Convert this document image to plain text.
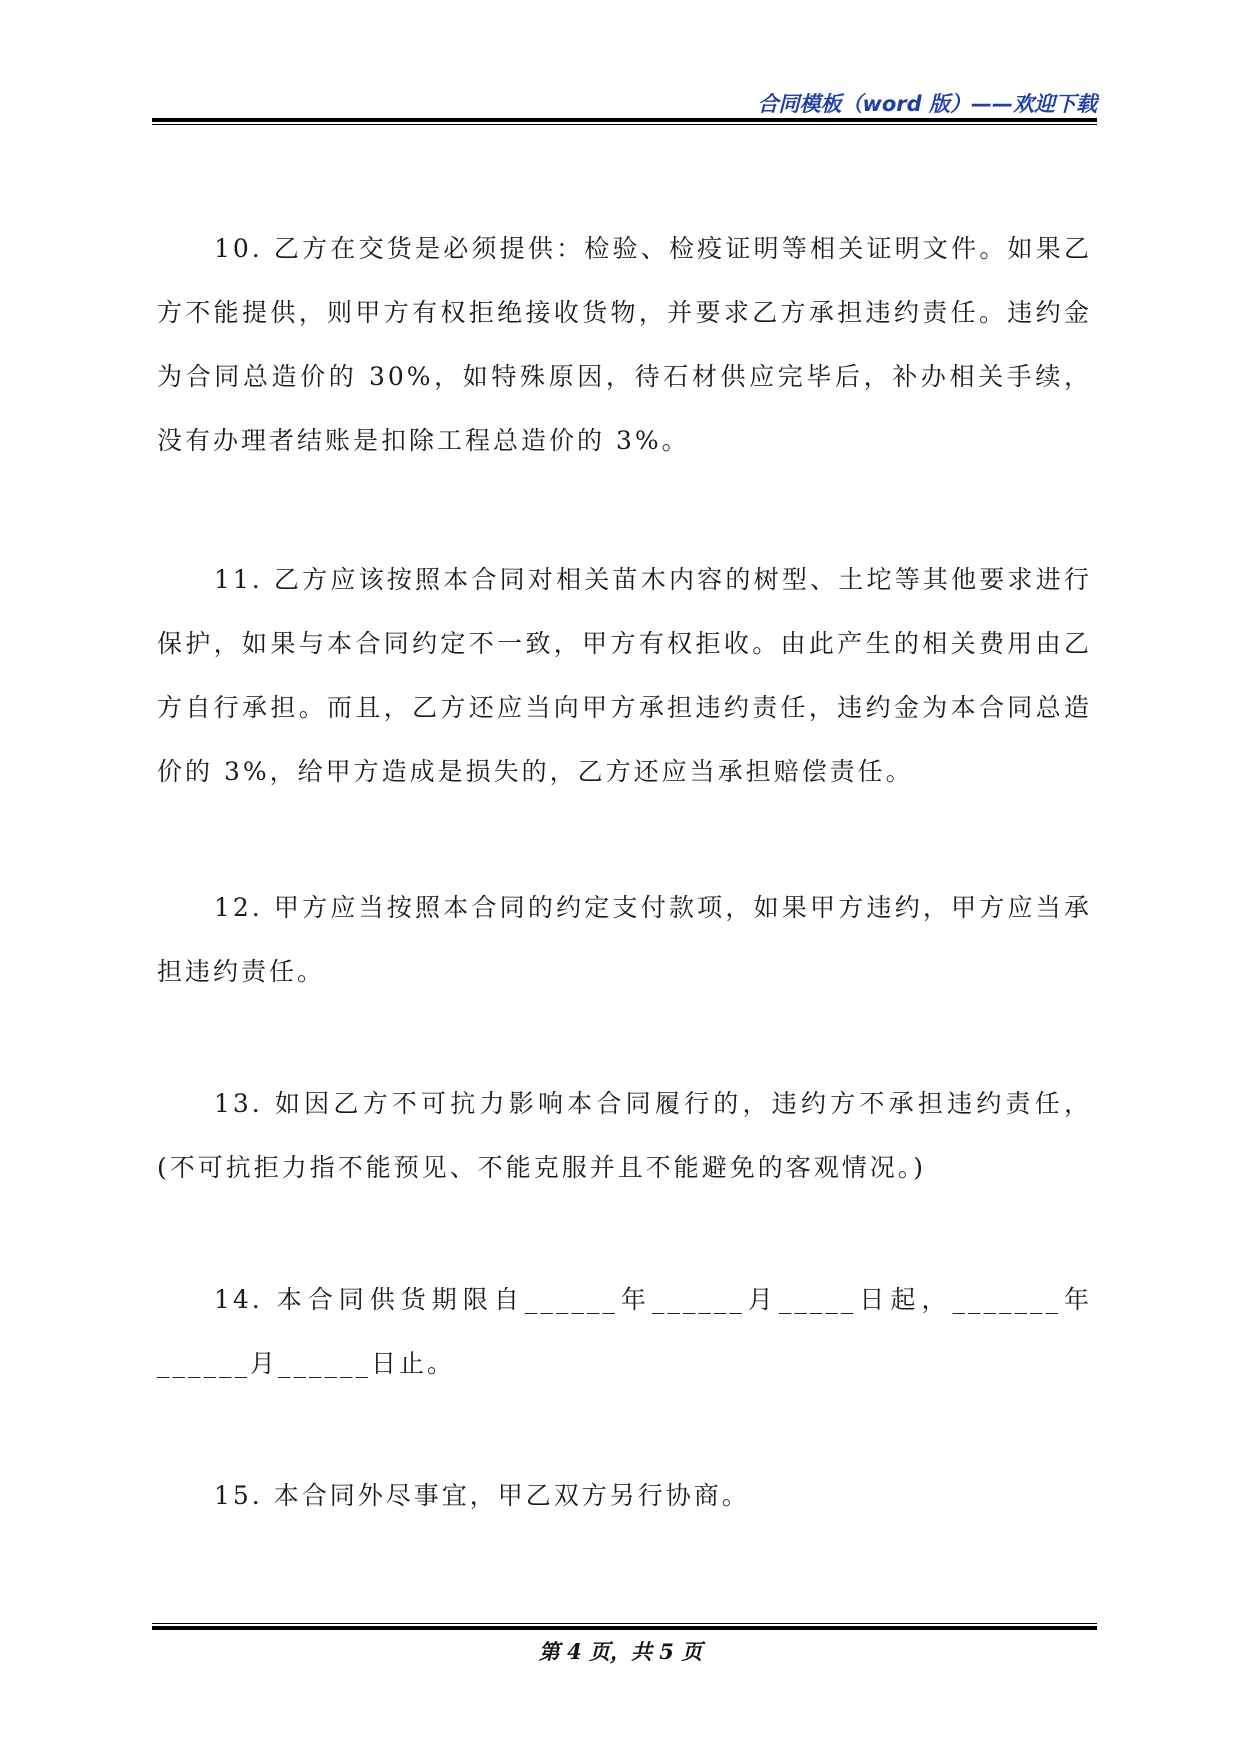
合同模板（word 版）——欢迎下载

10. 乙方在交货是必须提供：检验、检疫证明等相关证明文件。如果乙方不能提供，则甲方有权拒绝接收货物，并要求乙方承担违约责任。违约金为合同总造价的 30%，如特殊原因，待石材供应完毕后，补办相关手续，没有办理者结账是扣除工程总造价的 3%。

11. 乙方应该按照本合同对相关苗木内容的树型、土坨等其他要求进行保护，如果与本合同约定不一致，甲方有权拒收。由此产生的相关费用由乙方自行承担。而且，乙方还应当向甲方承担违约责任，违约金为本合同总造价的 3%，给甲方造成是损失的，乙方还应当承担赔偿责任。

12. 甲方应当按照本合同的约定支付款项，如果甲方违约，甲方应当承担违约责任。

13. 如因乙方不可抗力影响本合同履行的，违约方不承担违约责任，(不可抗拒力指不能预见、不能克服并且不能避免的客观情况。)

14. 本合同供货期限自______年______月_____日起，_______年______月______日止。

15. 本合同外尽事宜，甲乙双方另行协商。

第 4 页，共 5 页
